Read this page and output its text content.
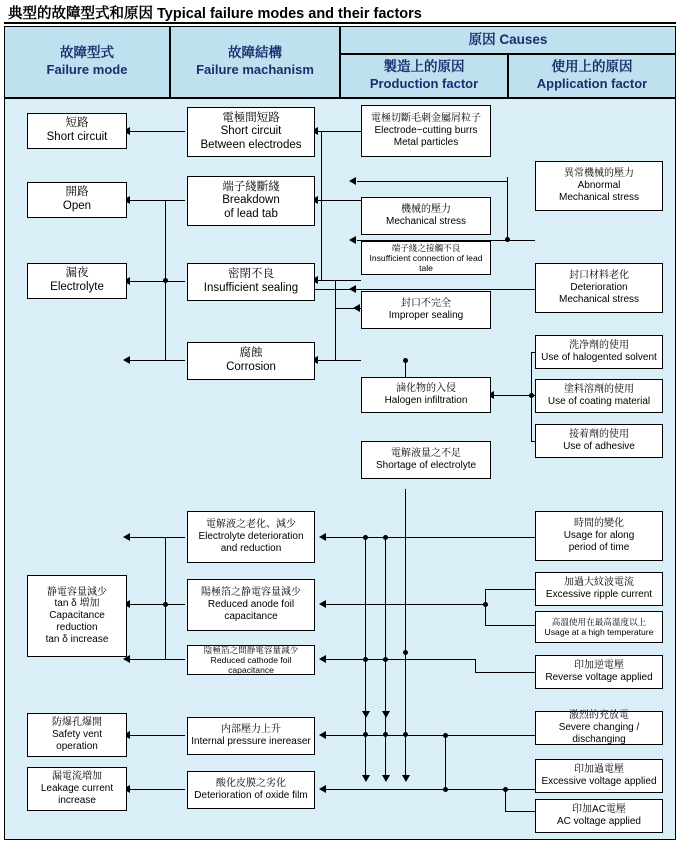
典型的故障型式和原因 Typical failure modes and their factors
故障型式
Failure mode
故障結構
Failure machanism
原因 Causes
製造上的原因
Production factor
使用上的原因
Application factor
短路
Short circuit
開路
Open
漏夜
Electrolyte
静電容量減少
tan δ 増加
Capacitance
reduction
tan δ increase
防爆孔爆開
Safety vent
operation
漏電流増加
Leakage current
increase
電極間短路
Short circuit
Between electrodes
端子綫斷綫
Breakdown
of lead tab
密閉不良
Insufficient sealing
腐蝕
Corrosion
電解液之老化、減少
Electrolyte deterioration
and reduction
陽極箔之静電容量減少
Reduced anode foil
capacitance
陰極箔之間静電容量減少
Reduced cathode foil capacitance
内部壓力上升
Internal pressure inereaser
酸化皮膜之劣化
Deterioration of oxide film
電極切斷毛刺金屬屑粒子
Electrode−cutting burrs
Metal particles
機械的壓力
Mechanical stress
端子綫之接觸不良
Insufficient connection of lead tale
封口不完全
Improper sealing
滷化物的入侵
Halogen infiltration
電解液量之不足
Shortage of electrolyte
異常機械的壓力
Abnormal
Mechanical stress
封口材料老化
Deterioration
Mechanical stress
洗净劑的使用
Use of halogented solvent
塗料溶劑的使用
Use of coating material
接着劑的使用
Use of adhesive
時間的變化
Usage for along
period of time
加過大紋波電流
Excessive ripple current
高溫使用在最高溫度以上
Usage at a high temperature
印加逆電壓
Reverse voltage applied
激烈的充放電
Severe changing / dischanging
印加過電壓
Excessive voltage applied
印加AC電壓
AC voltage applied
